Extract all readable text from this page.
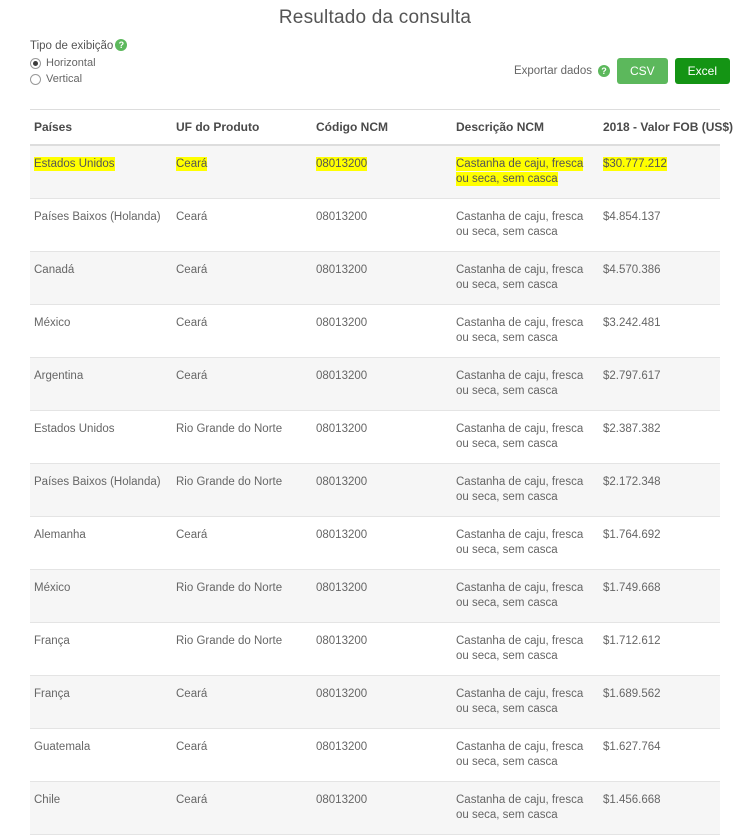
Resultado da consulta
Tipo de exibição ?
Horizontal
Vertical
Exportar dados	?	CSV	Excel
Países	UF do Produto	Código NCM	Descrição NCM	2018 - Valor FOB (US$)
Estados Unidos	Ceará	08013200	Castanha de caju, fresca ou seca, sem casca	$30.777.212
Países Baixos (Holanda)	Ceará	08013200	Castanha de caju, fresca ou seca, sem casca	$4.854.137
Canadá	Ceará	08013200	Castanha de caju, fresca ou seca, sem casca	$4.570.386
México	Ceará	08013200	Castanha de caju, fresca ou seca, sem casca	$3.242.481
Argentina	Ceará	08013200	Castanha de caju, fresca ou seca, sem casca	$2.797.617
Estados Unidos	Rio Grande do Norte	08013200	Castanha de caju, fresca ou seca, sem casca	$2.387.382
Países Baixos (Holanda)	Rio Grande do Norte	08013200	Castanha de caju, fresca ou seca, sem casca	$2.172.348
Alemanha	Ceará	08013200	Castanha de caju, fresca ou seca, sem casca	$1.764.692
México	Rio Grande do Norte	08013200	Castanha de caju, fresca ou seca, sem casca	$1.749.668
França	Rio Grande do Norte	08013200	Castanha de caju, fresca ou seca, sem casca	$1.712.612
França	Ceará	08013200	Castanha de caju, fresca ou seca, sem casca	$1.689.562
Guatemala	Ceará	08013200	Castanha de caju, fresca ou seca, sem casca	$1.627.764
Chile	Ceará	08013200	Castanha de caju, fresca ou seca, sem casca	$1.456.668
